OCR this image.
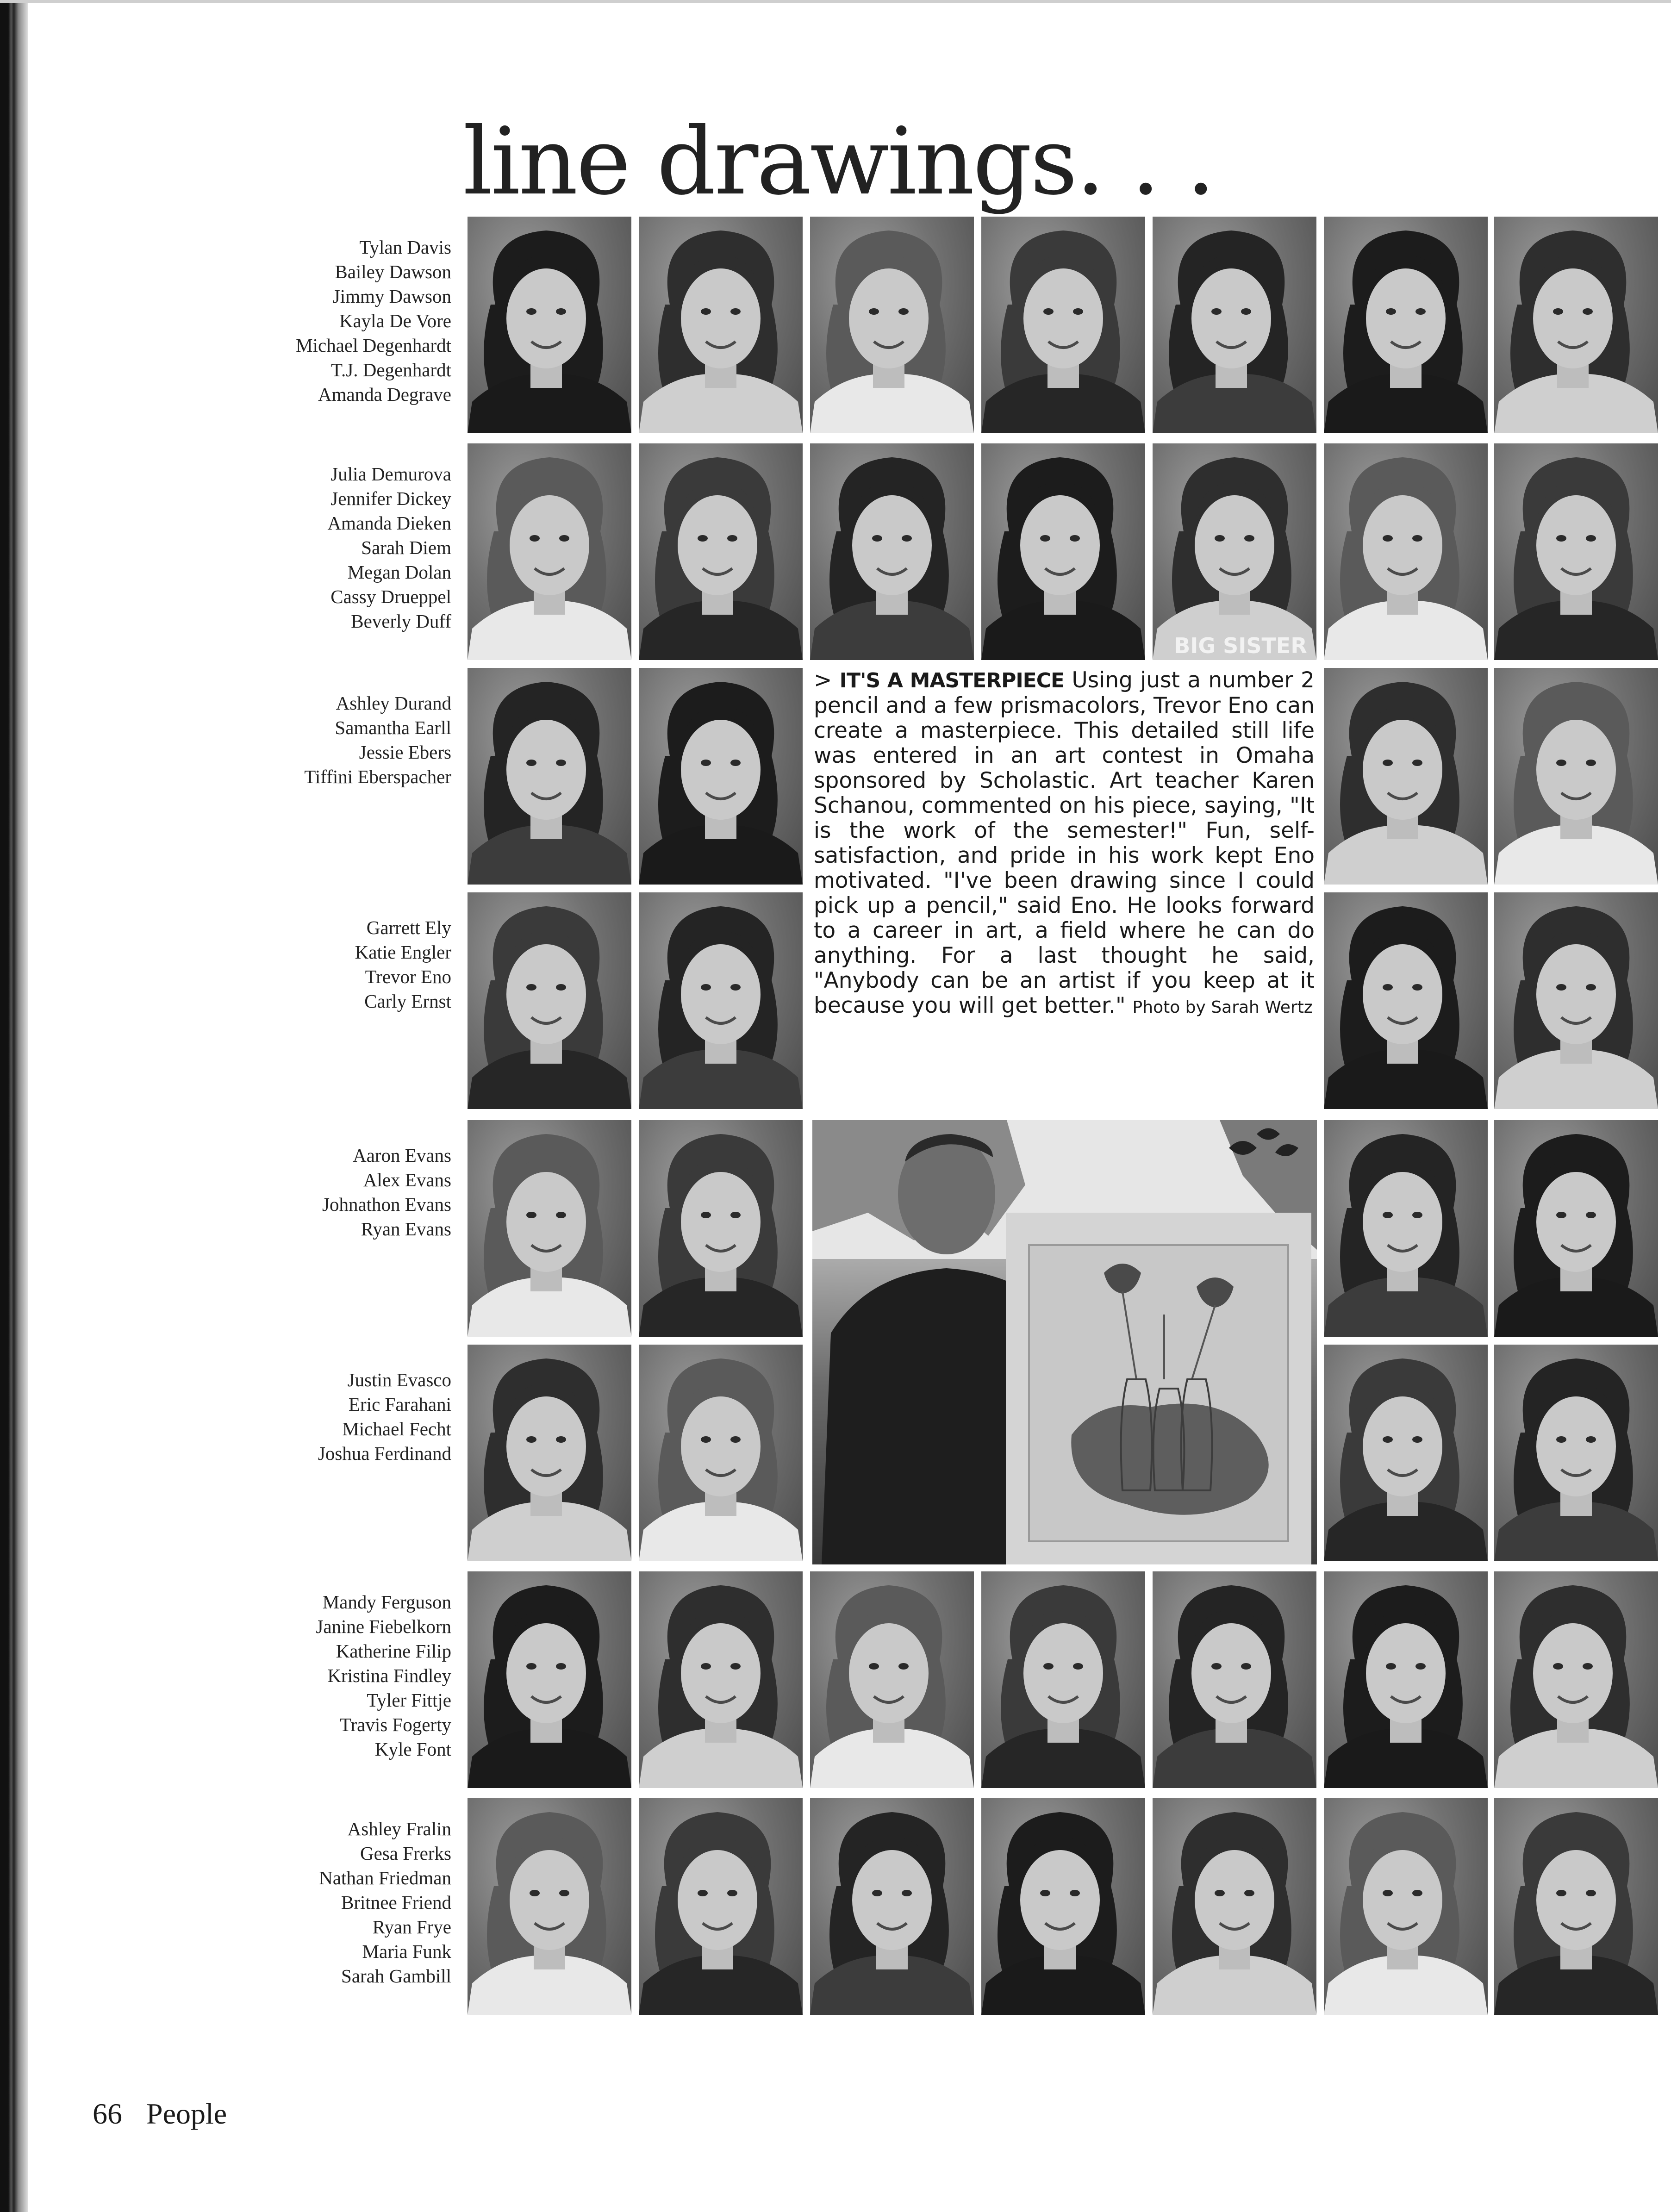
line drawings. . .
Tylan Davis
Bailey Dawson
Jimmy Dawson
Kayla De Vore
Michael Degenhardt
T.J. Degenhardt
Amanda Degrave
Julia Demurova
Jennifer Dickey
Amanda Dieken
Sarah Diem
Megan Dolan
Cassy Drueppel
Beverly Duff
Ashley Durand
Samantha Earll
Jessie Ebers
Tiffini Eberspacher
Garrett Ely
Katie Engler
Trevor Eno
Carly Ernst
Aaron Evans
Alex Evans
Johnathon Evans
Ryan Evans
Justin Evasco
Eric Farahani
Michael Fecht
Joshua Ferdinand
Mandy Ferguson
Janine Fiebelkorn
Katherine Filip
Kristina Findley
Tyler Fittje
Travis Fogerty
Kyle Font
Ashley Fralin
Gesa Frerks
Nathan Friedman
Britnee Friend
Ryan Frye
Maria Funk
Sarah Gambill
BIG SISTER
> IT'S A MASTERPIECE Using just a number 2 pencil and a few prismacolors, Trevor Eno can create a masterpiece. This detailed still life was entered in an art contest in Omaha sponsored by Scholastic. Art teacher Karen Schanou, commented on his piece, saying, "It is the work of the semester!" Fun, self-satisfaction, and pride in his work kept Eno motivated. "I've been drawing since I could pick up a pencil," said Eno. He looks forward to a career in art, a field where he can do anything. For a last thought he said, "Anybody can be an artist if you keep at it because you will get better." Photo by Sarah Wertz
66 People
